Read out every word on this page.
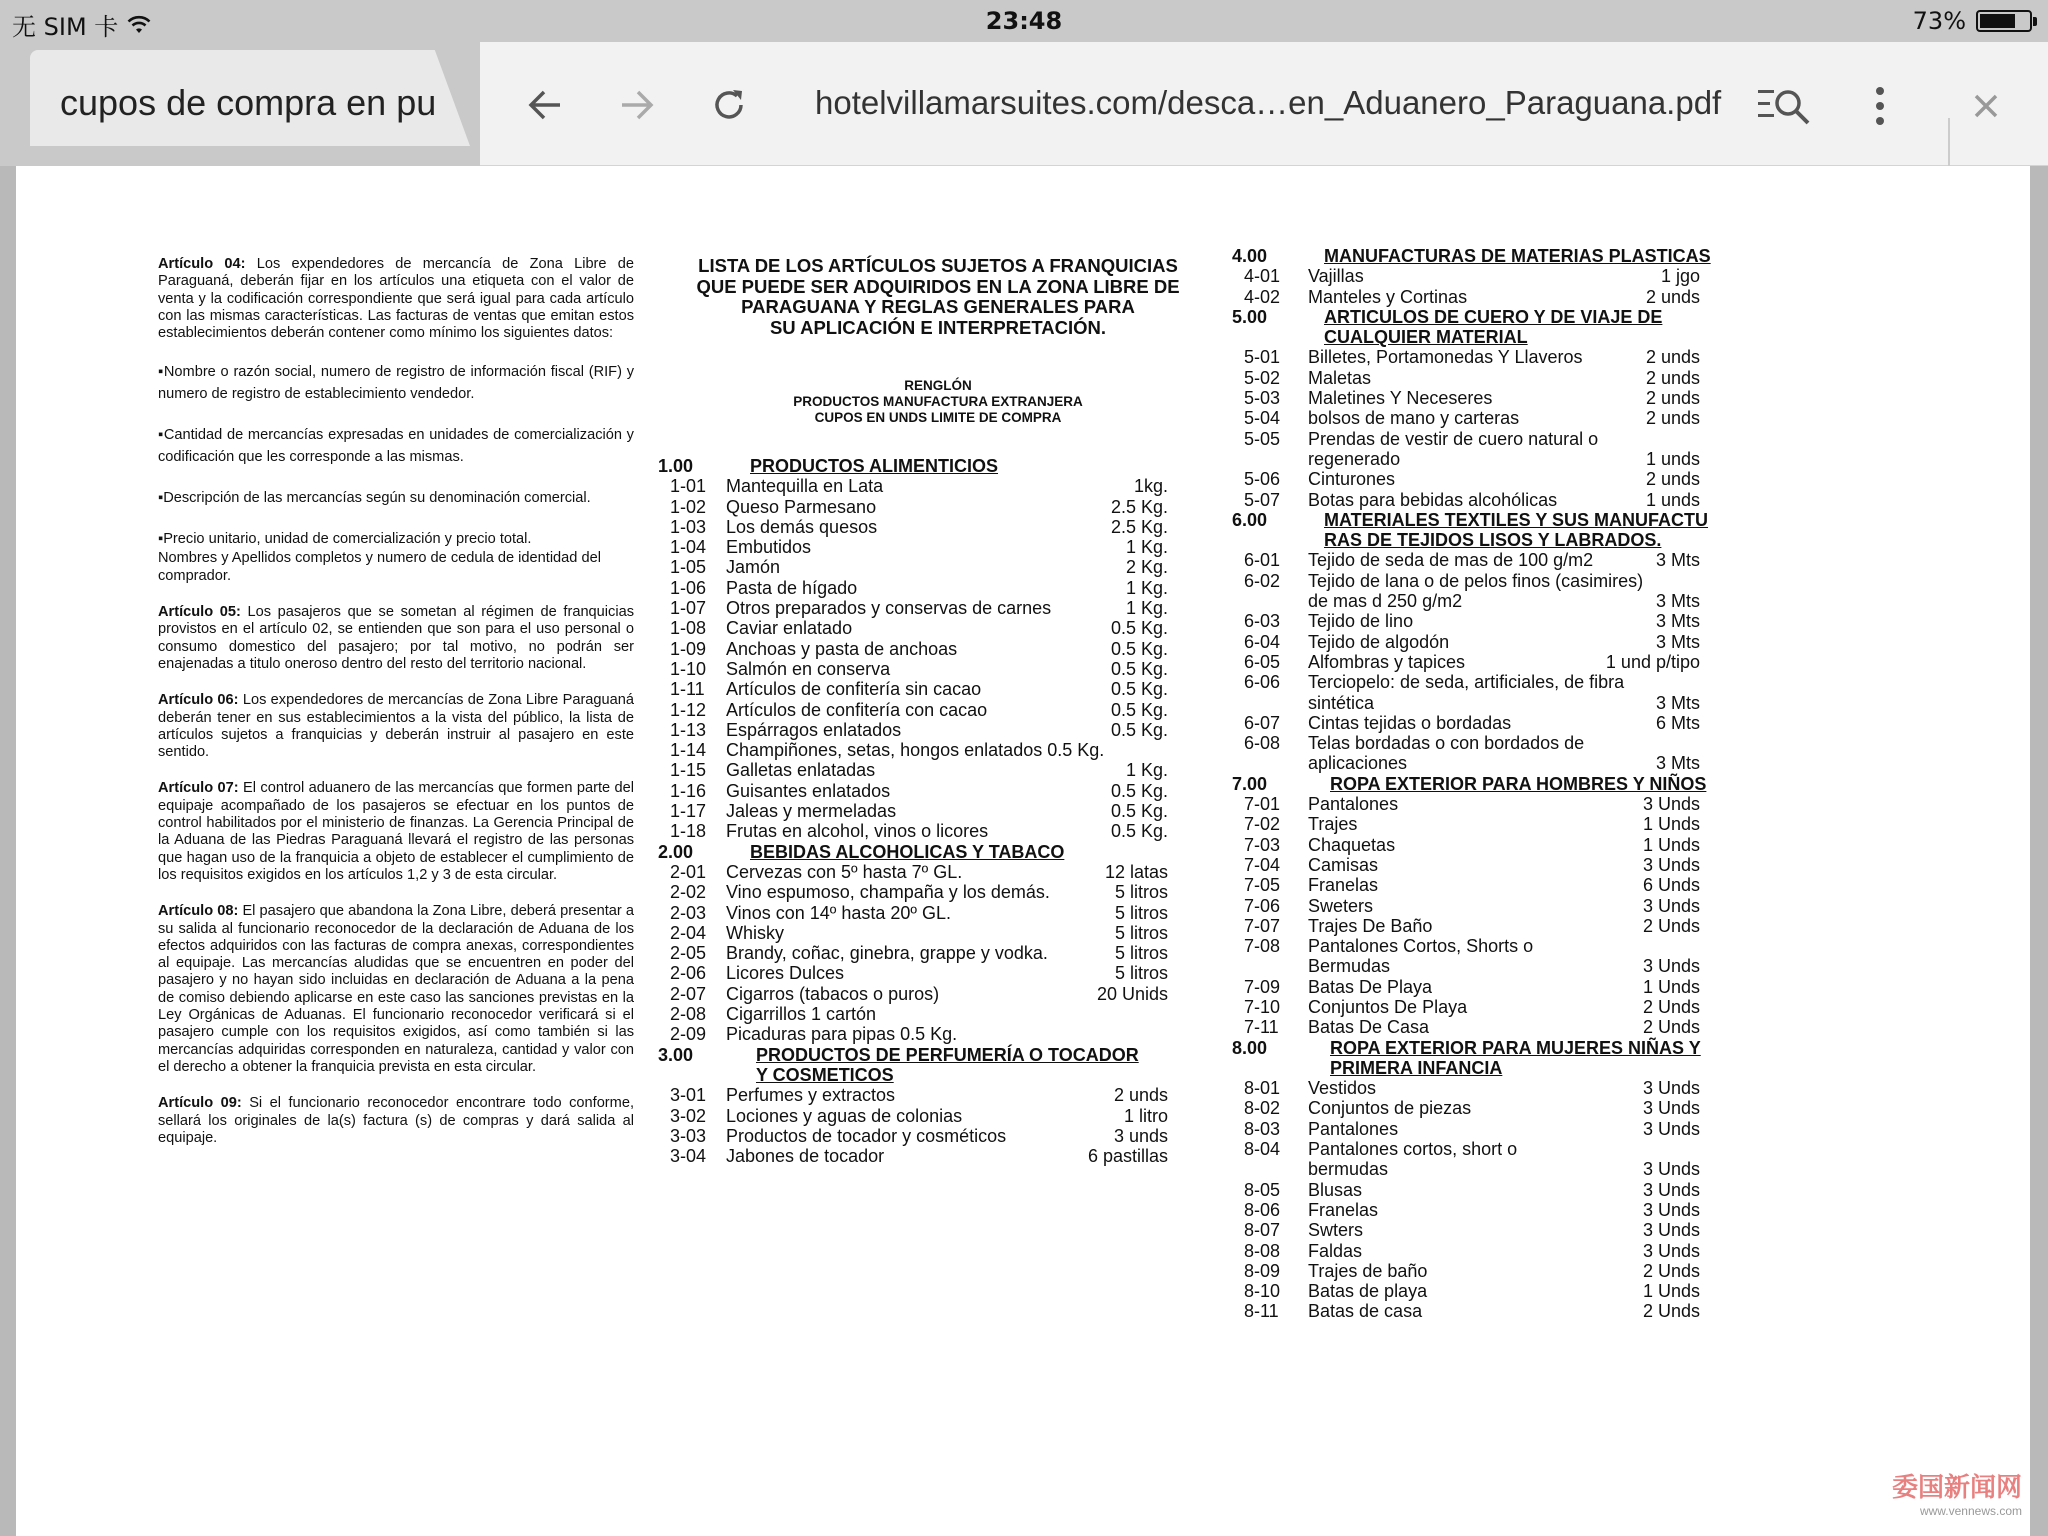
无 SIM 卡	23:48	73%
cupos de compra en pu	hotelvillamarsuites.com/desca…en_Aduanero_Paraguana.pdf

Artículo 04: Los expendedores de mercancía de Zona Libre de Paraguaná, deberán fijar en los artículos una etiqueta con el valor de venta y la codificación correspondiente que será igual para cada artículo con las mismas características. Las facturas de ventas que emitan estos establecimientos deberán contener como mínimo los siguientes datos:

▪Nombre o razón social, numero de registro de información fiscal (RIF) y numero de registro de establecimiento vendedor.

▪Cantidad de mercancías expresadas en unidades de comercialización y codificación que les corresponde a las mismas.

▪Descripción de las mercancías según su denominación comercial.

▪Precio unitario, unidad de comercialización y precio total.

Nombres y Apellidos completos y numero de cedula de identidad del comprador.

Artículo 05: Los pasajeros que se sometan al régimen de franquicias provistos en el artículo 02, se entienden que son para el uso personal o consumo domestico del pasajero; por tal motivo, no podrán ser enajenadas a titulo oneroso dentro del resto del territorio nacional.

Artículo 06: Los expendedores de mercancías de Zona Libre Paraguaná deberán tener en sus establecimientos a la vista del público, la lista de artículos sujetos a franquicias y deberán instruir al pasajero en este sentido.

Artículo 07: El control aduanero de las mercancías que formen parte del equipaje acompañado de los pasajeros se efectuar en los puntos de control habilitados por el ministerio de finanzas. La Gerencia Principal de la Aduana de las Piedras Paraguaná llevará el registro de las personas que hagan uso de la franquicia a objeto de establecer el cumplimiento de los requisitos exigidos en los artículos 1,2 y 3 de esta circular.

Artículo 08: El pasajero que abandona la Zona Libre, deberá presentar a su salida al funcionario reconocedor de la declaración de Aduana de los efectos adquiridos con las facturas de compra anexas, correspondientes al equipaje. Las mercancías aludidas que se encuentren en poder del pasajero y no hayan sido incluidas en declaración de Aduana a la pena de comiso debiendo aplicarse en este caso las sanciones previstas en la Ley Orgánicas de Aduanas. El funcionario reconocedor verificará si el pasajero cumple con los requisitos exigidos, así como también si las mercancías adquiridas corresponden en naturaleza, cantidad y valor con el derecho a obtener la franquicia prevista en esta circular.

Artículo 09: Si el funcionario reconocedor encontrare todo conforme, sellará los originales de la(s) factura (s) de compras y dará salida al equipaje.

LISTA DE LOS ARTÍCULOS SUJETOS A FRANQUICIAS
QUE PUEDE SER ADQUIRIDOS EN LA ZONA LIBRE DE
PARAGUANA Y REGLAS GENERALES PARA
SU APLICACIÓN E INTERPRETACIÓN.
RENGLÓN
PRODUCTOS MANUFACTURA EXTRANJERA
CUPOS EN UNDS LIMITE DE COMPRA
1.00	PRODUCTOS ALIMENTICIOS
1-01 Mantequilla en Lata	1kg.
1-02 Queso Parmesano	2.5 Kg.
1-03 Los demás quesos	2.5 Kg.
1-04 Embutidos	1 Kg.
1-05 Jamón	2 Kg.
1-06 Pasta de hígado	1 Kg.
1-07 Otros preparados y conservas de carnes	1 Kg.
1-08 Caviar enlatado	0.5 Kg.
1-09 Anchoas y pasta de anchoas	0.5 Kg.
1-10 Salmón en conserva	0.5 Kg.
1-11 Artículos de confitería sin cacao	0.5 Kg.
1-12 Artículos de confitería con cacao	0.5 Kg.
1-13 Espárragos enlatados	0.5 Kg.
1-14 Champiñones, setas, hongos enlatados 0.5 Kg.
1-15 Galletas enlatadas	1 Kg.
1-16 Guisantes enlatados	0.5 Kg.
1-17 Jaleas y mermeladas	0.5 Kg.
1-18 Frutas en alcohol, vinos o licores	0.5 Kg.
2.00	BEBIDAS ALCOHOLICAS Y TABACO
2-01 Cervezas con 5º hasta 7º GL.	12 latas
2-02 Vino espumoso, champaña y los demás.	5 litros
2-03 Vinos con 14º hasta 20º GL.	5 litros
2-04 Whisky	5 litros
2-05 Brandy, coñac, ginebra, grappe y vodka.	5 litros
2-06 Licores Dulces	5 litros
2-07 Cigarros (tabacos o puros)	20 Unids
2-08 Cigarrillos 1 cartón
2-09 Picaduras para pipas 0.5 Kg.
3.00	PRODUCTOS DE PERFUMERÍA O TOCADOR
Y COSMETICOS
3-01 Perfumes y extractos	2 unds
3-02 Lociones y aguas de colonias	1 litro
3-03 Productos de tocador y cosméticos	3 unds
3-04 Jabones de tocador	6 pastillas
4.00	MANUFACTURAS DE MATERIAS PLASTICAS
4-01 Vajillas	1 jgo
4-02 Manteles y Cortinas	2 unds
5.00	ARTICULOS DE CUERO Y DE VIAJE DE
CUALQUIER MATERIAL
5-01 Billetes, Portamonedas Y Llaveros	2 unds
5-02 Maletas	2 unds
5-03 Maletines Y Neceseres	2 unds
5-04 bolsos de mano y carteras	2 unds
5-05 Prendas de vestir de cuero natural o
regenerado	1 unds
5-06 Cinturones	2 unds
5-07 Botas para bebidas alcohólicas	1 unds
6.00	MATERIALES TEXTILES Y SUS MANUFACTU
RAS DE TEJIDOS LISOS Y LABRADOS.
6-01 Tejido de seda de mas de 100 g/m2	3 Mts
6-02 Tejido de lana o de pelos finos (casimires)
de mas d 250 g/m2	3 Mts
6-03 Tejido de lino	3 Mts
6-04 Tejido de algodón	3 Mts
6-05 Alfombras y tapices	1 und p/tipo
6-06 Terciopelo: de seda, artificiales, de fibra
sintética	3 Mts
6-07 Cintas tejidas o bordadas	6 Mts
6-08 Telas bordadas o con bordados de
aplicaciones	3 Mts
7.00	ROPA EXTERIOR PARA HOMBRES Y NIÑOS
7-01 Pantalones	3 Unds
7-02 Trajes	1 Unds
7-03 Chaquetas	1 Unds
7-04 Camisas	3 Unds
7-05 Franelas	6 Unds
7-06 Sweters	3 Unds
7-07 Trajes De Baño	2 Unds
7-08 Pantalones Cortos, Shorts o
Bermudas	3 Unds
7-09 Batas De Playa	1 Unds
7-10 Conjuntos De Playa	2 Unds
7-11 Batas De Casa	2 Unds
8.00	ROPA EXTERIOR PARA MUJERES NIÑAS Y
PRIMERA INFANCIA
8-01 Vestidos	3 Unds
8-02 Conjuntos de piezas	3 Unds
8-03 Pantalones	3 Unds
8-04 Pantalones cortos, short o
bermudas	3 Unds
8-05 Blusas	3 Unds
8-06 Franelas	3 Unds
8-07 Swters	3 Unds
8-08 Faldas	3 Unds
8-09 Trajes de baño	2 Unds
8-10 Batas de playa	1 Unds
8-11 Batas de casa	2 Unds
委国新闻网
www.vennews.com
